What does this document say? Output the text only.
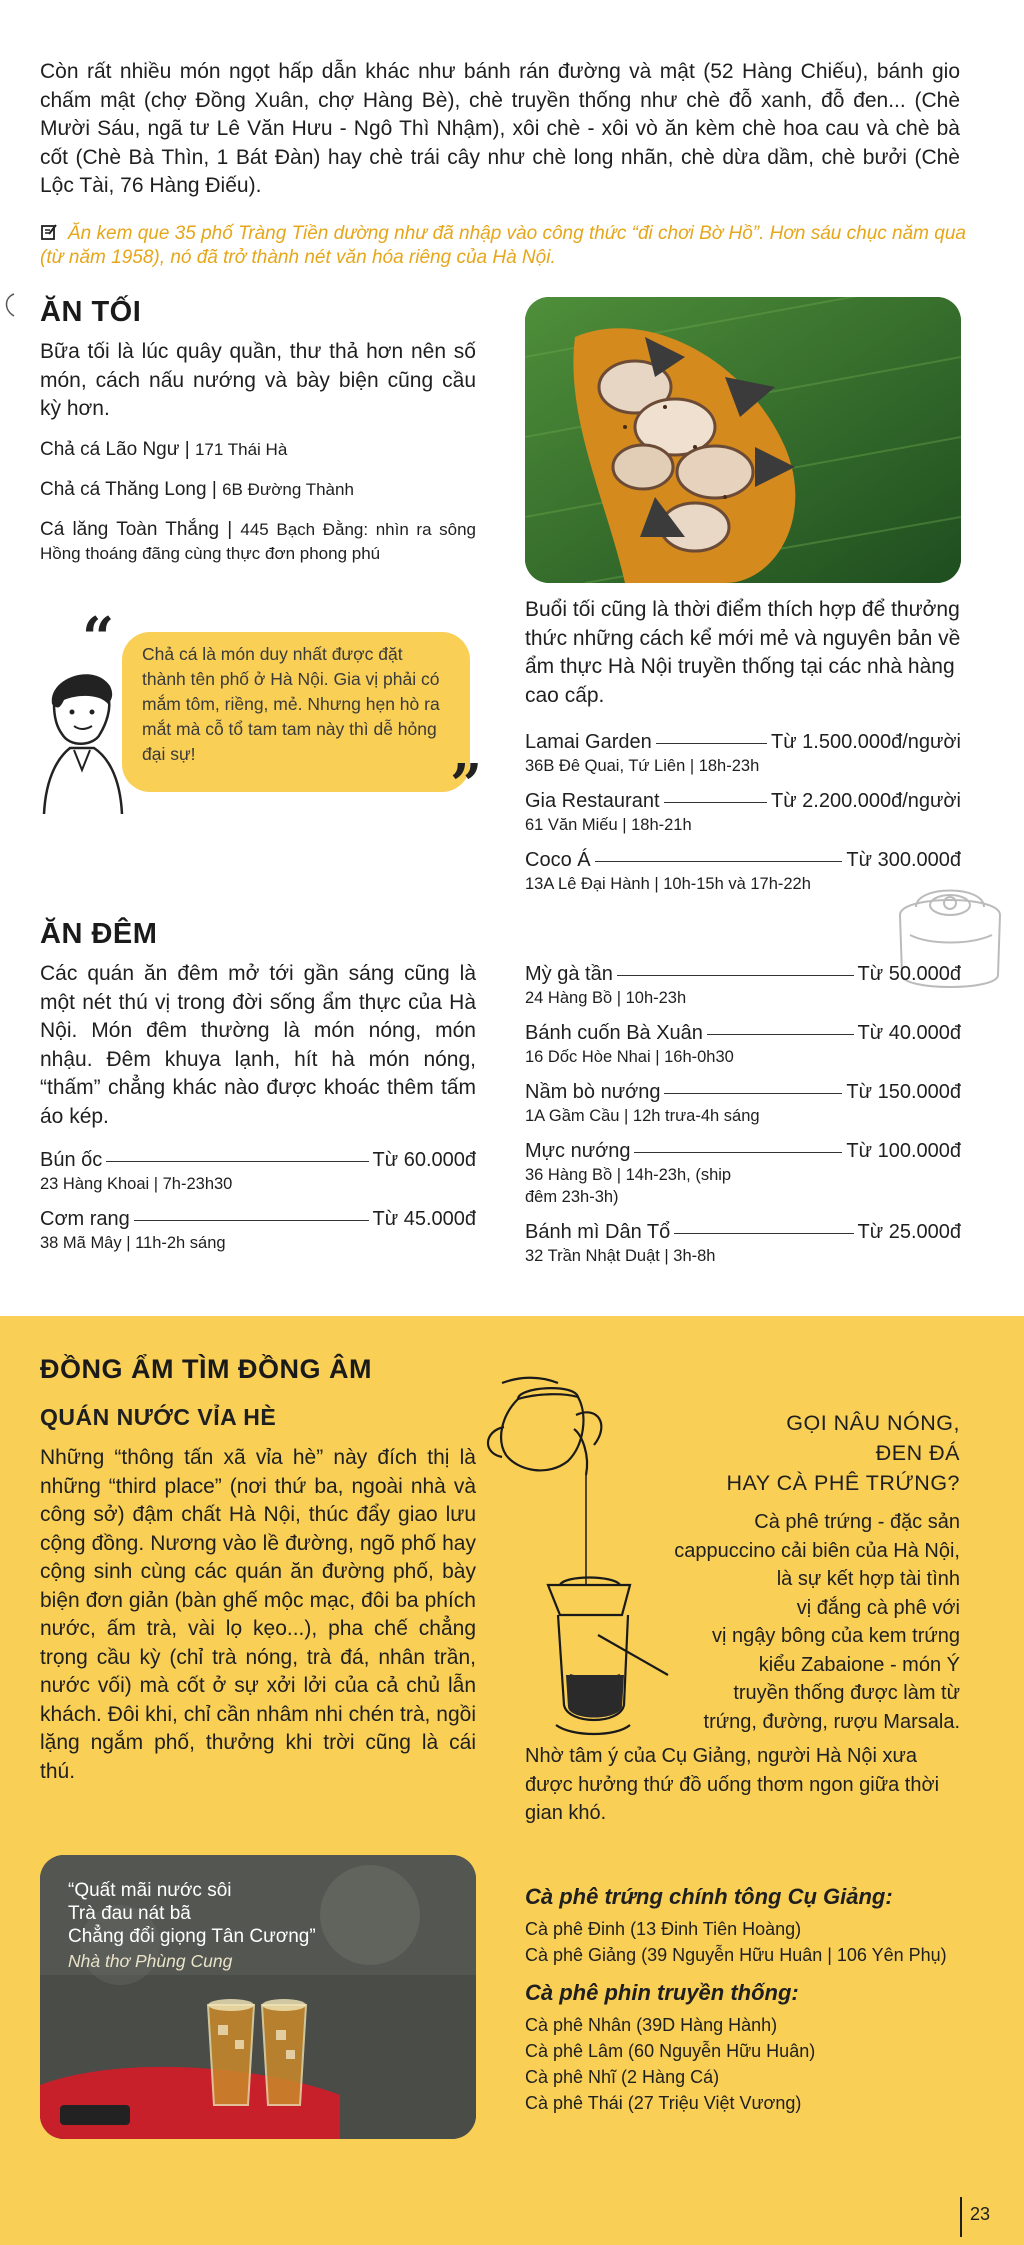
Còn rất nhiều món ngọt hấp dẫn khác như bánh rán đường và mật (52 Hàng Chiếu), bánh gio chấm mật (chợ Đồng Xuân, chợ Hàng Bè), chè truyền thống như chè đỗ xanh, đỗ đen... (Chè Mười Sáu, ngã tư Lê Văn Hưu - Ngô Thì Nhậm), xôi chè - xôi vò ăn kèm chè hoa cau và chè bà cốt (Chè Bà Thìn, 1 Bát Đàn) hay chè trái cây như chè long nhãn, chè dừa dầm, chè bưởi (Chè Lộc Tài, 76 Hàng Điếu).

Ăn kem que 35 phố Tràng Tiền dường như đã nhập vào công thức “đi chơi Bờ Hồ”. Hơn sáu chục năm qua (từ năm 1958), nó đã trở thành nét văn hóa riêng của Hà Nội.
ĂN TỐI

Bữa tối là lúc quây quần, thư thả hơn nên số món, cách nấu nướng và bày biện cũng cầu kỳ hơn.

Chả cá Lão Ngư | 171 Thái Hà
Chả cá Thăng Long | 6B Đường Thành
Cá lăng Toàn Thắng | 445 Bạch Đằng: nhìn ra sông Hồng thoáng đãng cùng thực đơn phong phú
“	Chả cá là món duy nhất được đặt thành tên phố ở Hà Nội. Gia vị phải có mắm tôm, riềng, mẻ. Nhưng hẹn hò ra mắt mà cỗ tổ tam tam này thì dễ hỏng đại sự!	”

Buổi tối cũng là thời điểm thích hợp để thưởng thức những cách kể mới mẻ và nguyên bản về ẩm thực Hà Nội truyền thống tại các nhà hàng cao cấp.

Lamai Garden	Từ 1.500.000đ/người
36B Đê Quai, Tứ Liên | 18h-23h
Gia Restaurant	Từ 2.200.000đ/người
61 Văn Miếu | 18h-21h
Coco Á	Từ 300.000đ
13A Lê Đại Hành | 10h-15h và 17h-22h
ĂN ĐÊM

Các quán ăn đêm mở tới gần sáng cũng là một nét thú vị trong đời sống ẩm thực của Hà Nội. Món đêm thường là món nóng, món nhậu. Đêm khuya lạnh, hít hà món nóng, “thấm” chẳng khác nào được khoác thêm tấm áo kép.

Bún ốc	Từ 60.000đ
23 Hàng Khoai | 7h-23h30
Cơm rang	Từ 45.000đ
38 Mã Mây | 11h-2h sáng
Mỳ gà tần	Từ 50.000đ
24 Hàng Bồ | 10h-23h
Bánh cuốn Bà Xuân	Từ 40.000đ
16 Dốc Hòe Nhai | 16h-0h30
Nầm bò nướng	Từ 150.000đ
1A Gầm Cầu | 12h trưa-4h sáng
Mực nướng	Từ 100.000đ
36 Hàng Bồ | 14h-23h, (ship đêm 23h-3h)
Bánh mì Dân Tổ	Từ 25.000đ
32 Trần Nhật Duật | 3h-8h
ĐỒNG ẨM TÌM ĐỒNG ÂM
QUÁN NƯỚC VỈA HÈ

Những “thông tấn xã vỉa hè” này đích thị là những “third place” (nơi thứ ba, ngoài nhà và công sở) đậm chất Hà Nội, thúc đẩy giao lưu cộng đồng. Nương vào lề đường, ngõ phố hay cộng sinh cùng các quán ăn đường phố, bày biện đơn giản (bàn ghế mộc mạc, đôi ba phích nước, ấm trà, vài lọ kẹo...), pha chế chẳng trọng cầu kỳ (chỉ trà nóng, trà đá, nhân trần, nước vối) mà cốt ở sự xởi lởi của cả chủ lẫn khách. Đôi khi, chỉ cần nhâm nhi chén trà, ngồi lặng ngắm phố, thưởng khi trời cũng là cái thú.

“Quất mãi nước sôi
Trà đau nát bã
Chẳng đổi giọng Tân Cương”
Nhà thơ Phùng Cung
GỌI NÂU NÓNG,
ĐEN ĐÁ
HAY CÀ PHÊ TRỨNG?
Cà phê trứng - đặc sản
cappuccino cải biên của Hà Nội,
là sự kết hợp tài tình
vị đắng cà phê với
vị ngậy bông của kem trứng
kiểu Zabaione - món Ý
truyền thống được làm từ
trứng, đường, rượu Marsala.

Nhờ tâm ý của Cụ Giảng, người Hà Nội xưa được hưởng thứ đồ uống thơm ngon giữa thời gian khó.

Cà phê trứng chính tông Cụ Giảng:
Cà phê Đinh (13 Đinh Tiên Hoàng)
Cà phê Giảng (39 Nguyễn Hữu Huân | 106 Yên Phụ)
Cà phê phin truyền thống:
Cà phê Nhân (39D Hàng Hành)
Cà phê Lâm (60 Nguyễn Hữu Huân)
Cà phê Nhĩ (2 Hàng Cá)
Cà phê Thái (27 Triệu Việt Vương)
23
